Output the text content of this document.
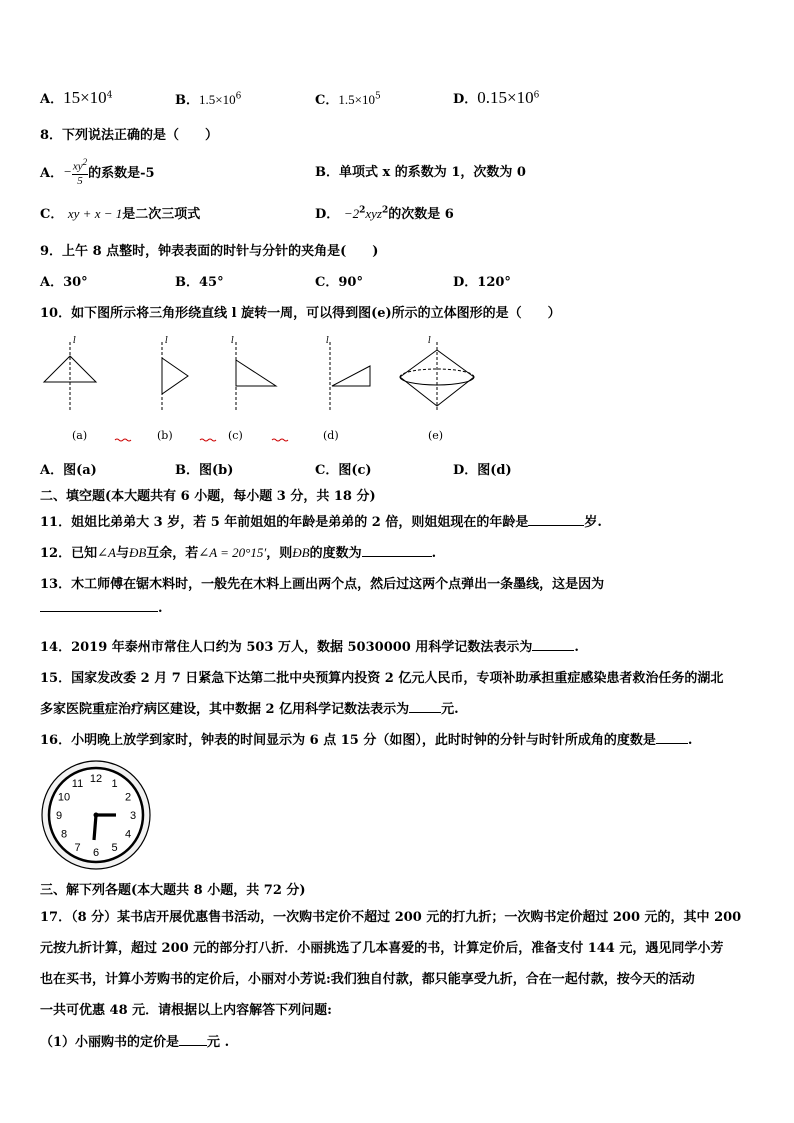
A．$15\times 10^4$	B．$1.5\times 10^6$	C．$1.5\times 10^5$	D．$0.15\times 10^6$
8．下列说法正确的是（　　）
A． − $\frac{xy^2}{5}$ 的系数是-5	B．单项式 x 的系数为 1，次数为 0
C． xy + x − 1是二次三项式	D． $-2^2xyz^2$的次数是 6
9．上午 8 点整时，钟表表面的时针与分针的夹角是(　　)
A．30°	B．45°	C．90°	D．120°
10．如下图所示将三角形绕直线 l 旋转一周，可以得到图(e)所示的立体图形的是（　　）
l	l	l	l	l
(a)	(b)	(c)	(d)	(e)
A．图(a)	B．图(b)	C．图(c)	D．图(d)
二、填空题(本大题共有 6 小题，每小题 3 分，共 18 分)
11．姐姐比弟弟大 3 岁，若 5 年前姐姐的年龄是弟弟的 2 倍，则姐姐现在的年龄是	岁.
12．已知∠A与ÐB互余，若∠A = 20°15′，则ÐB的度数为	.
13．木工师傅在锯木料时，一般先在木料上画出两个点，然后过这两个点弹出一条墨线，这是因为
.
14．2019 年泰州市常住人口约为 503 万人，数据 5030000 用科学记数法表示为	.
15．国家发改委 2 月 7 日紧急下达第二批中央预算内投资 2 亿元人民币，专项补助承担重症感染患者救治任务的湖北
多家医院重症治疗病区建设，其中数据 2 亿用科学记数法表示为 元.
16．小明晚上放学到家时，钟表的时间显示为 6 点 15 分（如图），此时时钟的分针与时针所成角的度数是 .
12 1
2
3
4
5
6
7
8
9
10
11
三、解下列各题(本大题共 8 小题，共 72 分)
17．（8 分）某书店开展优惠售书活动，一次购书定价不超过 200 元的打九折；一次购书定价超过 200 元的，其中 200
元按九折计算，超过 200 元的部分打八折．小丽挑选了几本喜爱的书，计算定价后，准备支付 144 元，遇见同学小芳
也在买书，计算小芳购书的定价后，小丽对小芳说:我们独自付款，都只能享受九折，合在一起付款，按今天的活动
一共可优惠 48 元．请根据以上内容解答下列问题:
（1）小丽购书的定价是 元 .
